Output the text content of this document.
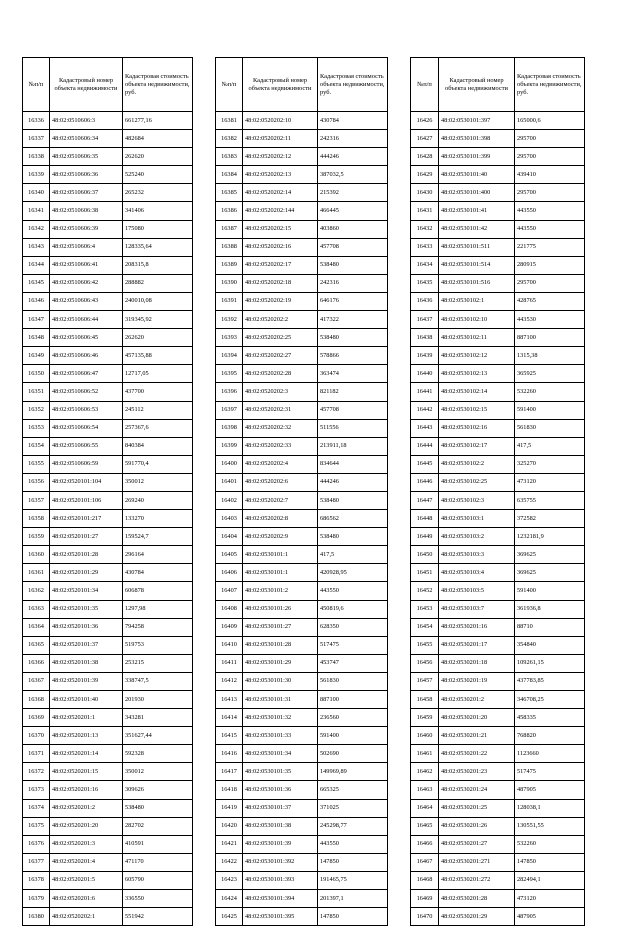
№п/п	Кадастровый номер объекта недвижимости	Кадастровая стоимость объекта недвижимости, руб.
16336	48:02:0510606:3	661277,16
16337	48:02:0510606:34	482684
16338	48:02:0510606:35	262620
16339	48:02:0510606:36	525240
16340	48:02:0510606:37	265232
16341	48:02:0510606:38	341406
16342	48:02:0510606:39	175080
16343	48:02:0510606:4	128335,64
16344	48:02:0510606:41	208315,8
16345	48:02:0510606:42	288882
16346	48:02:0510606:43	240010,08
16347	48:02:0510606:44	319345,92
16348	48:02:0510606:45	262620
16349	48:02:0510606:46	457135,88
16350	48:02:0510606:47	12717,05
16351	48:02:0510606:52	437700
16352	48:02:0510606:53	245112
16353	48:02:0510606:54	257367,6
16354	48:02:0510606:55	840384
16355	48:02:0510606:59	591770,4
16356	48:02:0520101:104	350012
16357	48:02:0520101:106	269240
16358	48:02:0520101:217	133270
16359	48:02:0520101:27	159524,7
16360	48:02:0520101:28	296164
16361	48:02:0520101:29	430784
16362	48:02:0520101:34	606878
16363	48:02:0520101:35	1297,98
16364	48:02:0520101:36	794258
16365	48:02:0520101:37	519753
16366	48:02:0520101:38	253215
16367	48:02:0520101:39	338747,5
16368	48:02:0520101:40	201930
16369	48:02:0520201:1	343281
16370	48:02:0520201:13	351627,44
16371	48:02:0520201:14	592328
16372	48:02:0520201:15	350012
16373	48:02:0520201:16	309626
16374	48:02:0520201:2	538480
16375	48:02:0520201:20	282702
16376	48:02:0520201:3	410591
16377	48:02:0520201:4	471170
16378	48:02:0520201:5	605790
16379	48:02:0520201:6	336550
16380	48:02:0520202:1	551942
№п/п	Кадастровый номер объекта недвижимости	Кадастровая стоимость объекта недвижимости, руб.
16381	48:02:0520202:10	430784
16382	48:02:0520202:11	242316
16383	48:02:0520202:12	444246
16384	48:02:0520202:13	387032,5
16385	48:02:0520202:14	215392
16386	48:02:0520202:144	466445
16387	48:02:0520202:15	403860
16388	48:02:0520202:16	457708
16389	48:02:0520202:17	538480
16390	48:02:0520202:18	242316
16391	48:02:0520202:19	646176
16392	48:02:0520202:2	417322
16393	48:02:0520202:25	538480
16394	48:02:0520202:27	578866
16395	48:02:0520202:28	363474
16396	48:02:0520202:3	821182
16397	48:02:0520202:31	457708
16398	48:02:0520202:32	511556
16399	48:02:0520202:33	213911,18
16400	48:02:0520202:4	834644
16401	48:02:0520202:6	444246
16402	48:02:0520202:7	538480
16403	48:02:0520202:8	686562
16404	48:02:0520202:9	538480
16405	48:02:0530101:1	417,5
16406	48:02:0530101:1	420928,95
16407	48:02:0530101:2	443550
16408	48:02:0530101:26	450819,6
16409	48:02:0530101:27	628350
16410	48:02:0530101:28	517475
16411	48:02:0530101:29	453747
16412	48:02:0530101:30	561830
16413	48:02:0530101:31	887100
16414	48:02:0530101:32	236560
16415	48:02:0530101:33	591400
16416	48:02:0530101:34	502690
16417	48:02:0530101:35	149969,89
16418	48:02:0530101:36	665325
16419	48:02:0530101:37	371025
16420	48:02:0530101:38	245298,77
16421	48:02:0530101:39	443550
16422	48:02:0530101:392	147850
16423	48:02:0530101:393	191465,75
16424	48:02:0530101:394	201397,1
16425	48:02:0530101:395	147850
№п/п	Кадастровый номер объекта недвижимости	Кадастровая стоимость объекта недвижимости, руб.
16426	48:02:0530101:397	165000,6
16427	48:02:0530101:398	295700
16428	48:02:0530101:399	295700
16429	48:02:0530101:40	439410
16430	48:02:0530101:400	295700
16431	48:02:0530101:41	443550
16432	48:02:0530101:42	443550
16433	48:02:0530101:511	221775
16434	48:02:0530101:514	280915
16435	48:02:0530101:516	295700
16436	48:02:0530102:1	428765
16437	48:02:0530102:10	443530
16438	48:02:0530102:11	887100
16439	48:02:0530102:12	1315,38
16440	48:02:0530102:13	365925
16441	48:02:0530102:14	532260
16442	48:02:0530102:15	591400
16443	48:02:0530102:16	561830
16444	48:02:0530102:17	417,5
16445	48:02:0530102:2	325270
16446	48:02:0530102:25	473120
16447	48:02:0530102:3	635755
16448	48:02:0530103:1	372582
16449	48:02:0530103:2	1232181,9
16450	48:02:0530103:3	369625
16451	48:02:0530103:4	369625
16452	48:02:0530103:5	591400
16453	48:02:0530103:7	361936,8
16454	48:02:0530201:16	88710
16455	48:02:0530201:17	354840
16456	48:02:0530201:18	109261,15
16457	48:02:0530201:19	437783,85
16458	48:02:0530201:2	346708,25
16459	48:02:0530201:20	458335
16460	48:02:0530201:21	768820
16461	48:02:0530201:22	1123660
16462	48:02:0530201:23	517475
16463	48:02:0530201:24	487905
16464	48:02:0530201:25	128038,1
16465	48:02:0530201:26	130551,55
16466	48:02:0530201:27	532260
16467	48:02:0530201:271	147850
16468	48:02:0530201:272	282494,1
16469	48:02:0530201:28	473120
16470	48:02:0530201:29	487905
